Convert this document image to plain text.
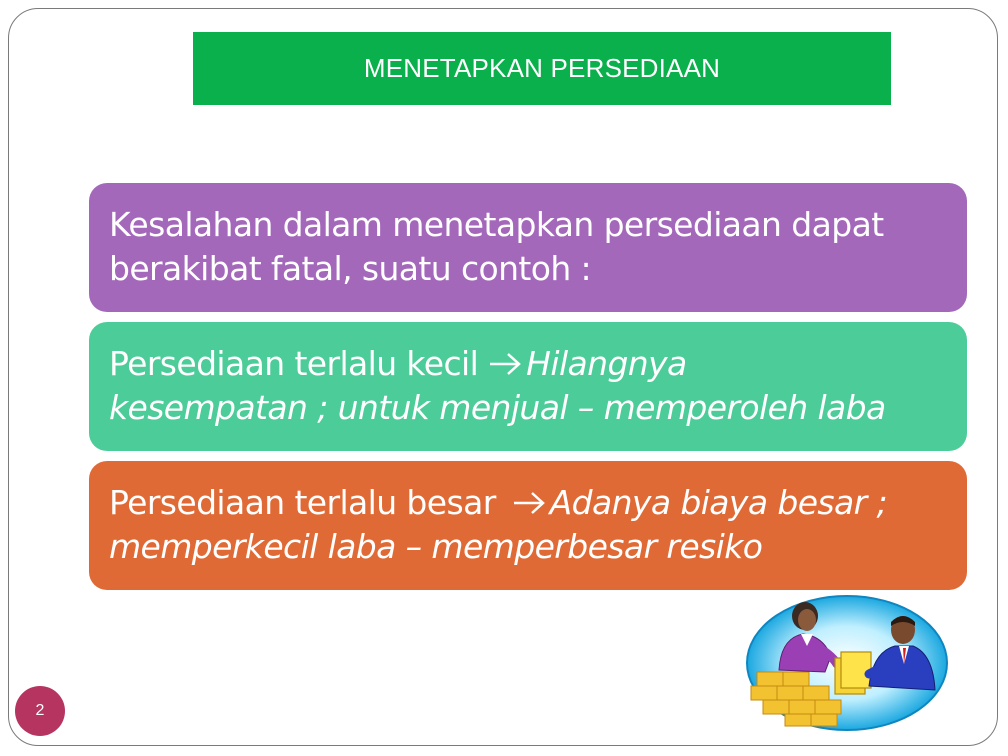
MENETAPKAN PERSEDIAAN
Kesalahan dalam menetapkan persediaan dapat
berakibat fatal, suatu contoh :
Persediaan terlalu kecil Hilangnya
kesempatan ; untuk menjual – memperoleh laba
Persediaan terlalu besar Adanya biaya besar ;
memperkecil laba – memperbesar resiko
2
